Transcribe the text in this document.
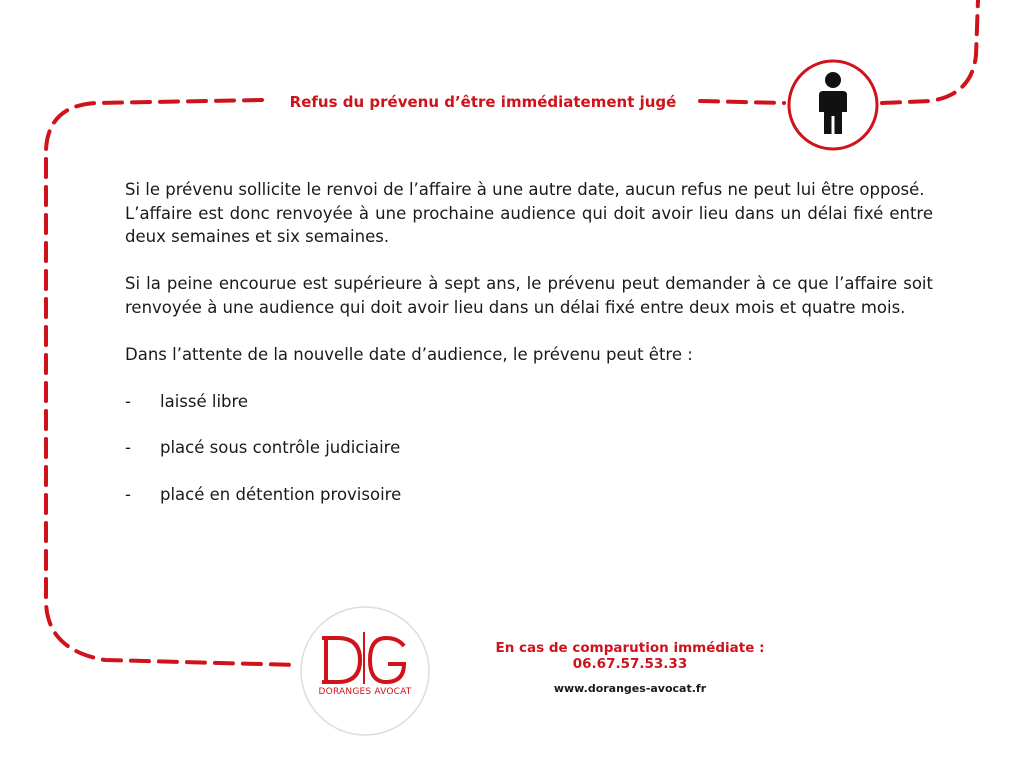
Refus du prévenu d’être immédiatement jugé

Si le prévenu sollicite le renvoi de l’affaire à une autre date, aucun refus ne peut lui être opposé.

L’affaire est donc renvoyée à une prochaine audience qui doit avoir lieu dans un délai fixé entre deux semaines et six semaines.

Si la peine encourue est supérieure à sept ans, le prévenu peut demander à ce que l’affaire soit renvoyée à une audience qui doit avoir lieu dans un délai fixé entre deux mois et quatre mois.

Dans l’attente de la nouvelle date d’audience, le prévenu peut être :

-	laissé libre
-	placé sous contrôle judiciaire
-	placé en détention provisoire
DORANGES AVOCAT
En cas de comparution immédiate :
06.67.57.53.33
www.doranges-avocat.fr
